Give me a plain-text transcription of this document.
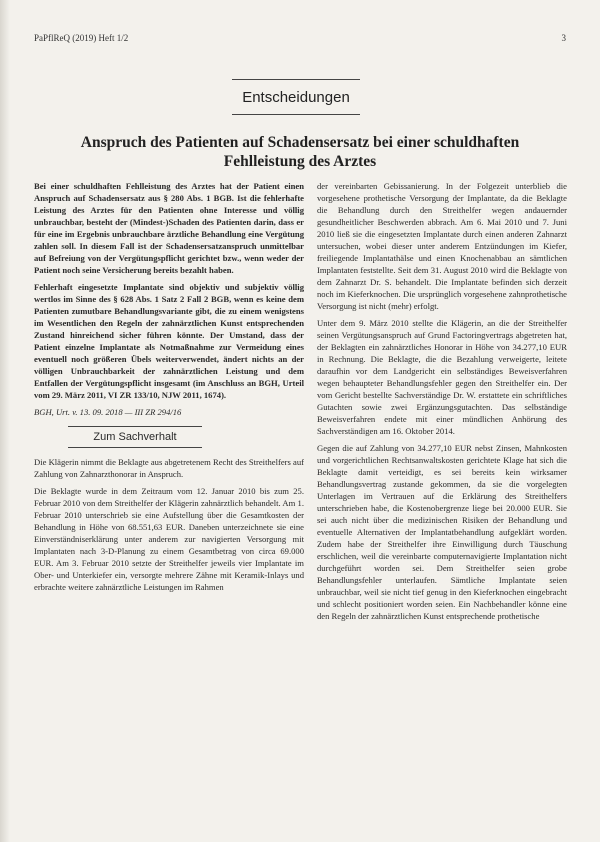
PaPflReQ (2019) Heft 1/2	3
Entscheidungen
Anspruch des Patienten auf Schadensersatz bei einer schuldhaften Fehlleistung des Arztes

Bei einer schuldhaften Fehlleistung des Arztes hat der Patient einen Anspruch auf Schadensersatz aus § 280 Abs. 1 BGB. Ist die fehlerhafte Leistung des Arztes für den Patienten ohne Interesse und völlig unbrauchbar, besteht der (Mindest-)Schaden des Patienten darin, dass er für eine im Ergebnis unbrauchbare ärztliche Behandlung eine Vergütung zahlen soll. In diesem Fall ist der Schadensersatzanspruch unmittelbar auf Befreiung von der Vergütungspflicht gerichtet bzw., wenn weder der Patient noch seine Versicherung bereits bezahlt haben.

Fehlerhaft eingesetzte Implantate sind objektiv und subjektiv völlig wertlos im Sinne des § 628 Abs. 1 Satz 2 Fall 2 BGB, wenn es keine dem Patienten zumutbare Behandlungsvariante gibt, die zu einem wenigstens im Wesentlichen den Regeln der zahnärztlichen Kunst entsprechenden Zustand hinreichend sicher führen könnte. Der Umstand, dass der Patient einzelne Implantate als Notmaßnahme zur Vermeidung eines eventuell noch größeren Übels weiterverwendet, ändert nichts an der völligen Unbrauchbarkeit der zahnärztlichen Leistung und dem Entfallen der Vergütungspflicht insgesamt (im Anschluss an BGH, Urteil vom 29. März 2011, VI ZR 133/10, NJW 2011, 1674).

BGH, Urt. v. 13. 09. 2018 — III ZR 294/16

Zum Sachverhalt

Die Klägerin nimmt die Beklagte aus abgetretenem Recht des Streithelfers auf Zahlung von Zahnarzthonorar in Anspruch.

Die Beklagte wurde in dem Zeitraum vom 12. Januar 2010 bis zum 25. Februar 2010 von dem Streithelfer der Klägerin zahnärztlich behandelt. Am 1. Februar 2010 unterschrieb sie eine Aufstellung über die Gesamtkosten der Behandlung in Höhe von 68.551,63 EUR. Daneben unterzeichnete sie eine Einverständniserklärung unter anderem zur navigierten Versorgung mit Implantaten nach 3-D-Planung zu einem Gesamtbetrag von circa 69.000 EUR. Am 3. Februar 2010 setzte der Streithelfer jeweils vier Implantate im Ober- und Unterkiefer ein, versorgte mehrere Zähne mit Keramik-Inlays und erbrachte weitere zahnärztliche Leistungen im Rahmen

der vereinbarten Gebissanierung. In der Folgezeit unterblieb die vorgesehene prothetische Versorgung der Implantate, da die Beklagte die Behandlung durch den Streithelfer wegen andauernder gesundheitlicher Beschwerden abbrach. Am 6. Mai 2010 und 7. Juni 2010 ließ sie die eingesetzten Implantate durch einen anderen Zahnarzt untersuchen, wobei dieser unter anderem Entzündungen im Kiefer, freiliegende Implantathälse und einen Knochenabbau an sämtlichen Implantaten feststellte. Seit dem 31. August 2010 wird die Beklagte von dem Zahnarzt Dr. S. behandelt. Die Implantate befinden sich derzeit noch im Kieferknochen. Die ursprünglich vorgesehene zahnprothetische Versorgung ist nicht (mehr) erfolgt.

Unter dem 9. März 2010 stellte die Klägerin, an die der Streithelfer seinen Vergütungsanspruch auf Grund Factoringvertrags abgetreten hat, der Beklagten ein zahnärztliches Honorar in Höhe von 34.277,10 EUR in Rechnung. Die Beklagte, die die Bezahlung verweigerte, leitete daraufhin vor dem Landgericht ein selbständiges Beweisverfahren wegen behaupteter Behandlungsfehler gegen den Streithelfer ein. Der vom Gericht bestellte Sachverständige Dr. W. erstattete ein schriftliches Gutachten sowie zwei Ergänzungsgutachten. Das selbständige Beweisverfahren endete mit einer mündlichen Anhörung des Sachverständigen am 16. Oktober 2014.

Gegen die auf Zahlung von 34.277,10 EUR nebst Zinsen, Mahnkosten und vorgerichtlichen Rechtsanwaltskosten gerichtete Klage hat sich die Beklagte damit verteidigt, es sei bereits kein wirksamer Behandlungsvertrag zustande gekommen, da sie die vorgelegten Unterlagen im Vertrauen auf die Erklärung des Streithelfers unterschrieben habe, die Kostenobergrenze liege bei 20.000 EUR. Sie sei auch nicht über die medizinischen Risiken der Behandlung und eventuelle Alternativen der Implantatbehandlung aufgeklärt worden. Zudem habe der Streithelfer ihre Einwilligung durch Täuschung erschlichen, weil die vereinbarte computernavigierte Implantation nicht durchgeführt worden sei. Dem Streithelfer seien grobe Behandlungsfehler unterlaufen. Sämtliche Implantate seien unbrauchbar, weil sie nicht tief genug in den Kieferknochen eingebracht und schlecht positioniert worden seien. Ein Nachbehandler könne eine den Regeln der zahnärztlichen Kunst entsprechende prothetische
